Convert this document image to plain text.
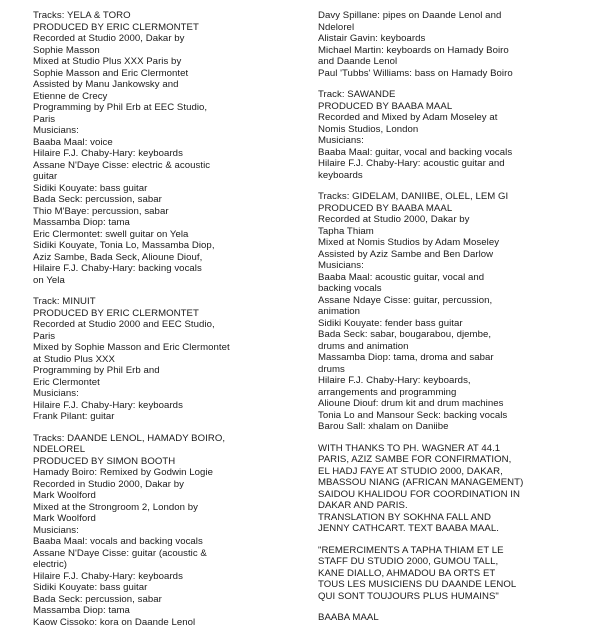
Tracks: YELA & TORO
PRODUCED BY ERIC CLERMONTET
Recorded at Studio 2000, Dakar by
Sophie Masson
Mixed at Studio Plus XXX Paris by
Sophie Masson and Eric Clermontet
Assisted by Manu Jankowsky and
Etienne de Crecy
Programming by Phil Erb at EEC Studio,
Paris
Musicians:
Baaba Maal: voice
Hilaire F.J. Chaby-Hary: keyboards
Assane N'Daye Cisse: electric & acoustic
guitar
Sidiki Kouyate: bass guitar
Bada Seck: percussion, sabar
Thio M'Baye: percussion, sabar
Massamba Diop: tama
Eric Clermontet: swell guitar on Yela
Sidiki Kouyate, Tonia Lo, Massamba Diop,
Aziz Sambe, Bada Seck, Alioune Diouf,
Hilaire F.J. Chaby-Hary: backing vocals
on Yela
Track: MINUIT
PRODUCED BY ERIC CLERMONTET
Recorded at Studio 2000 and EEC Studio,
Paris
Mixed by Sophie Masson and Eric Clermontet
at Studio Plus XXX
Programming by Phil Erb and
Eric Clermontet
Musicians:
Hilaire F.J. Chaby-Hary: keyboards
Frank Pilant: guitar
Tracks: DAANDE LENOL, HAMADY BOIRO,
NDELOREL
PRODUCED BY SIMON BOOTH
Hamady Boiro: Remixed by Godwin Logie
Recorded in Studio 2000, Dakar by
Mark Woolford
Mixed at the Strongroom 2, London by
Mark Woolford
Musicians:
Baaba Maal: vocals and backing vocals
Assane N'Daye Cisse: guitar (acoustic &
electric)
Hilaire F.J. Chaby-Hary: keyboards
Sidiki Kouyate: bass guitar
Bada Seck: percussion, sabar
Massamba Diop: tama
Kaow Cissoko: kora on Daande Lenol
Davy Spillane: pipes on Daande Lenol and
Ndelorel
Alistair Gavin: keyboards
Michael Martin: keyboards on Hamady Boiro
and Daande Lenol
Paul 'Tubbs' Williams: bass on Hamady Boiro
Track: SAWANDE
PRODUCED BY BAABA MAAL
Recorded and Mixed by Adam Moseley at
Nomis Studios, London
Musicians:
Baaba Maal: guitar, vocal and backing vocals
Hilaire F.J. Chaby-Hary: acoustic guitar and
keyboards
Tracks: GIDELAM, DANIIBE, OLEL, LEM GI
PRODUCED BY BAABA MAAL
Recorded at Studio 2000, Dakar by
Tapha Thiam
Mixed at Nomis Studios by Adam Moseley
Assisted by Aziz Sambe and Ben Darlow
Musicians:
Baaba Maal: acoustic guitar, vocal and
backing vocals
Assane Ndaye Cisse: guitar, percussion,
animation
Sidiki Kouyate: fender bass guitar
Bada Seck: sabar, bougarabou, djembe,
drums and animation
Massamba Diop: tama, droma and sabar
drums
Hilaire F.J. Chaby-Hary: keyboards,
arrangements and programming
Alioune Diouf: drum kit and drum machines
Tonia Lo and Mansour Seck: backing vocals
Barou Sall: xhalam on Daniibe
WITH THANKS TO PH. WAGNER AT 44.1
PARIS, AZIZ SAMBE FOR CONFIRMATION,
EL HADJ FAYE AT STUDIO 2000, DAKAR,
MBASSOU NIANG (AFRICAN MANAGEMENT)
SAIDOU KHALIDOU FOR COORDINATION IN
DAKAR AND PARIS.
TRANSLATION BY SOKHNA FALL AND
JENNY CATHCART. TEXT BAABA MAAL.
"REMERCIMENTS A TAPHA THIAM ET LE
STAFF DU STUDIO 2000, GUMOU TALL,
KANE DIALLO, AHMADOU BA ORTS ET
TOUS LES MUSICIENS DU DAANDE LENOL
QUI SONT TOUJOURS PLUS HUMAINS"
BAABA MAAL
